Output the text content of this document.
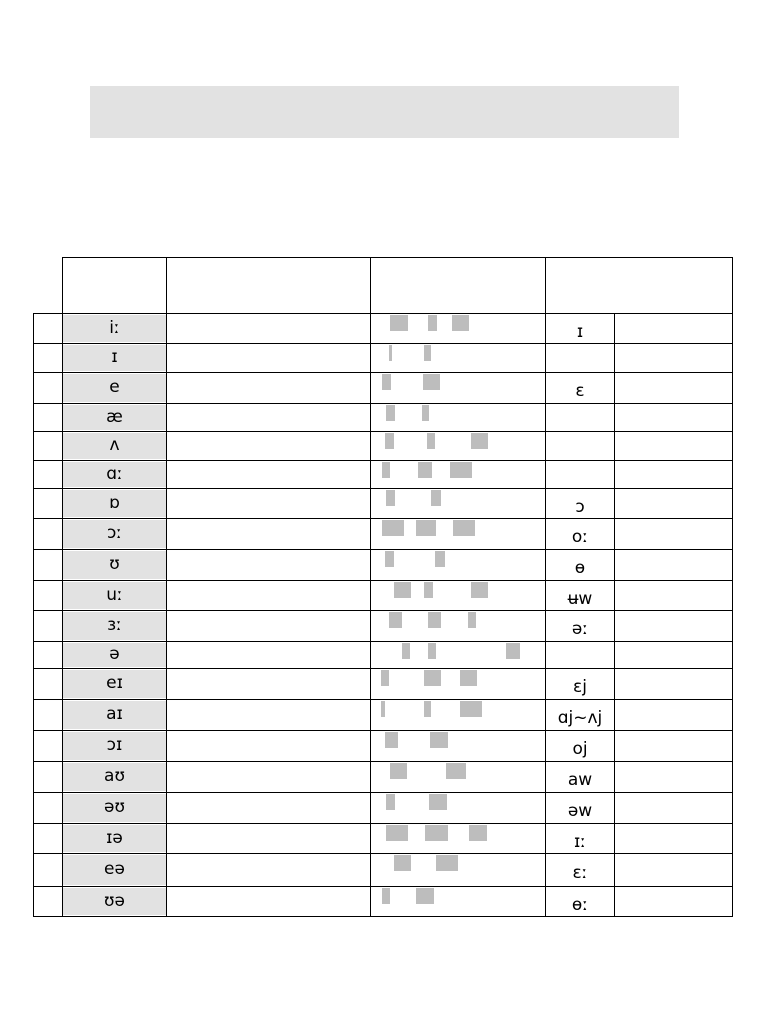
iː	ɪ
ɪ
e	ɛ
æ
ʌ
ɑː
ɒ	ɔ
ɔː	oː
ʊ	ɵ
uː	ʉw
ɜː	əː
ə
eɪ	ɛj
aɪ	ɑj~ʌj
ɔɪ	oj
aʊ	aw
əʊ	əw
ɪə	ɪː
eə	ɛː
ʊə	ɵː
